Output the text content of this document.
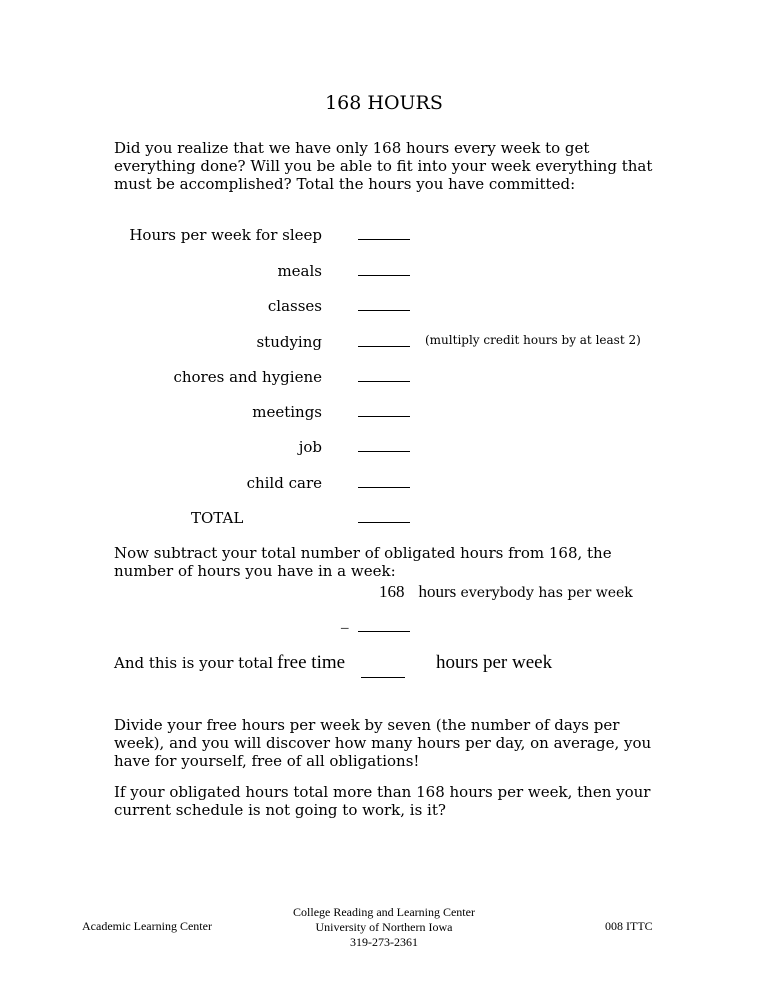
168 HOURS
Did you realize that we have only 168 hours every week to get everything done? Will you be able to fit into your week everything that must be accomplished? Total the hours you have committed:
Hours per week for sleep
meals
classes
studying	(multiply credit hours by at least 2)
chores and hygiene
meetings
job
child care
TOTAL
Now subtract your total number of obligated hours from 168, the number of hours you have in a week:
168 hours everybody has per week
–
And this is your total free time	hours per week
Divide your free hours per week by seven (the number of days per week), and you will discover how many hours per day, on average, you have for yourself, free of all obligations!
If your obligated hours total more than 168 hours per week, then your current schedule is not going to work, is it?
Academic Learning Center
College Reading and Learning Center
University of Northern Iowa
319-273-2361
008 ITTC
